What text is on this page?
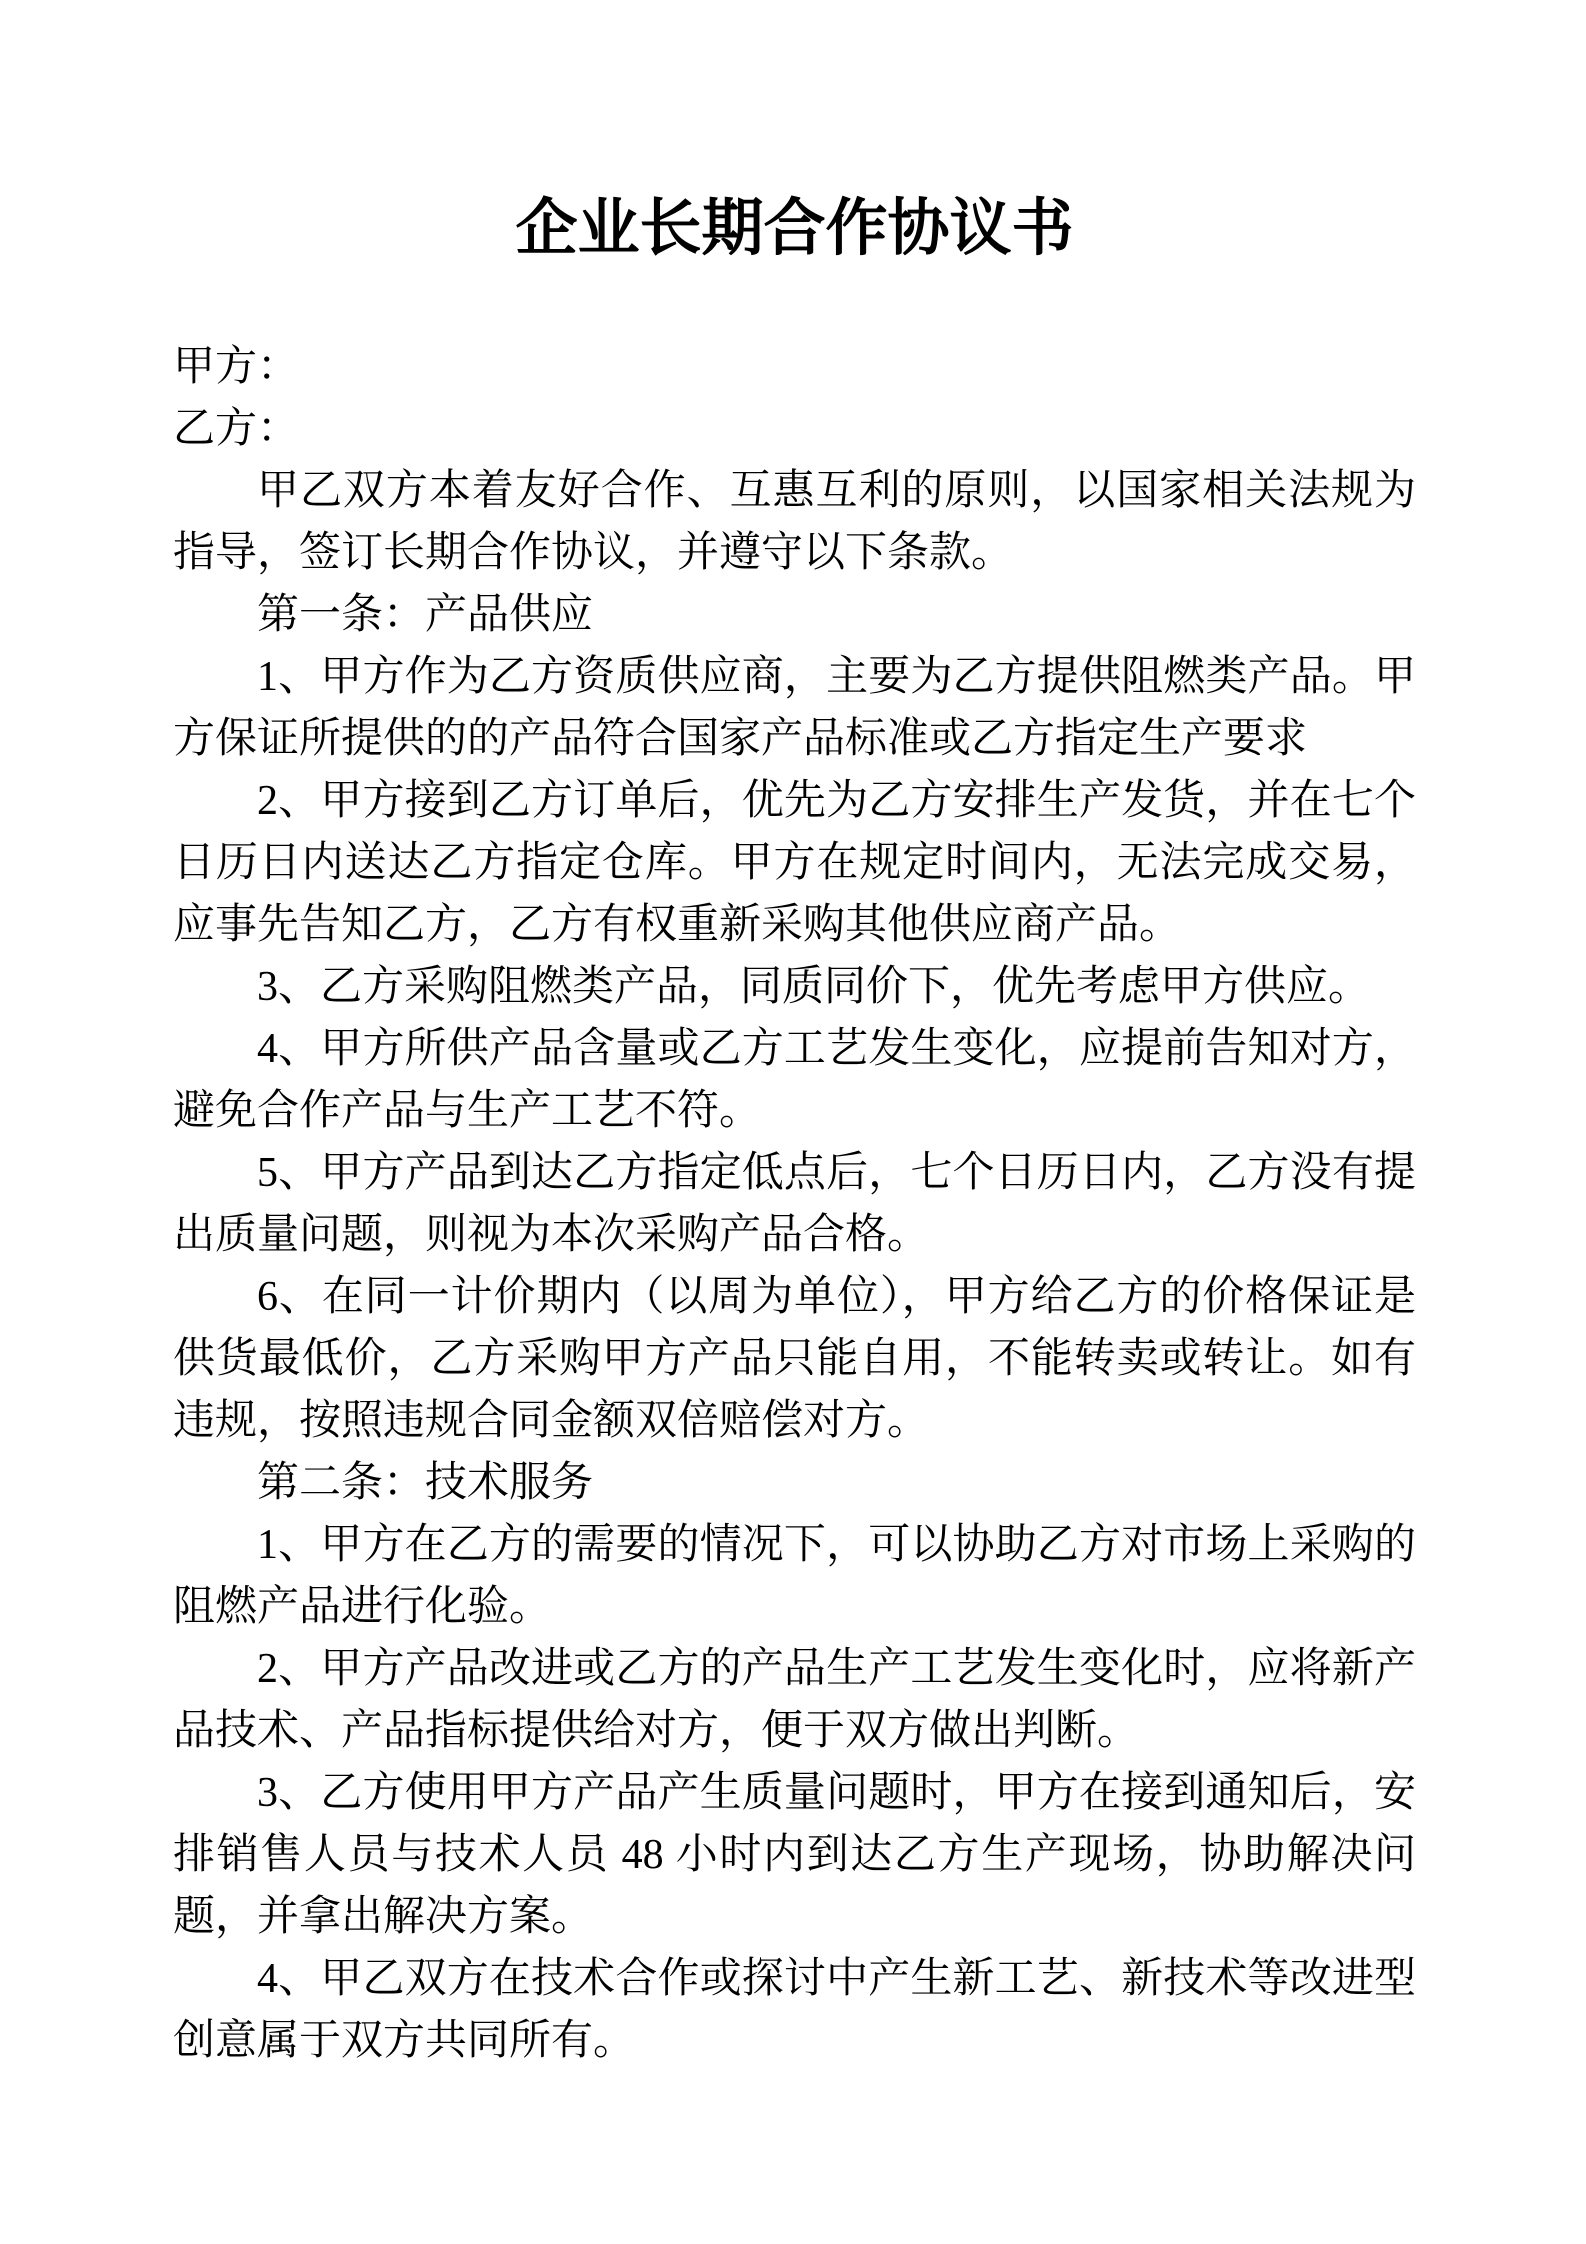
企业长期合作协议书

甲方：

乙方：

甲乙双方本着友好合作、互惠互利的原则，以国家相关法规为指导，签订长期合作协议，并遵守以下条款。

第一条：产品供应

1、甲方作为乙方资质供应商，主要为乙方提供阻燃类产品。甲方保证所提供的的产品符合国家产品标准或乙方指定生产要求

2、甲方接到乙方订单后，优先为乙方安排生产发货，并在七个日历日内送达乙方指定仓库。甲方在规定时间内，无法完成交易，应事先告知乙方，乙方有权重新采购其他供应商产品。

3、乙方采购阻燃类产品，同质同价下，优先考虑甲方供应。

4、甲方所供产品含量或乙方工艺发生变化，应提前告知对方，避免合作产品与生产工艺不符。

5、甲方产品到达乙方指定低点后，七个日历日内，乙方没有提出质量问题，则视为本次采购产品合格。

6、在同一计价期内（以周为单位），甲方给乙方的价格保证是供货最低价，乙方采购甲方产品只能自用，不能转卖或转让。如有违规，按照违规合同金额双倍赔偿对方。

第二条：技术服务

1、甲方在乙方的需要的情况下，可以协助乙方对市场上采购的阻燃产品进行化验。

2、甲方产品改进或乙方的产品生产工艺发生变化时，应将新产品技术、产品指标提供给对方，便于双方做出判断。

3、乙方使用甲方产品产生质量问题时，甲方在接到通知后，安排销售人员与技术人员 48 小时内到达乙方生产现场，协助解决问题，并拿出解决方案。

4、甲乙双方在技术合作或探讨中产生新工艺、新技术等改进型创意属于双方共同所有。
